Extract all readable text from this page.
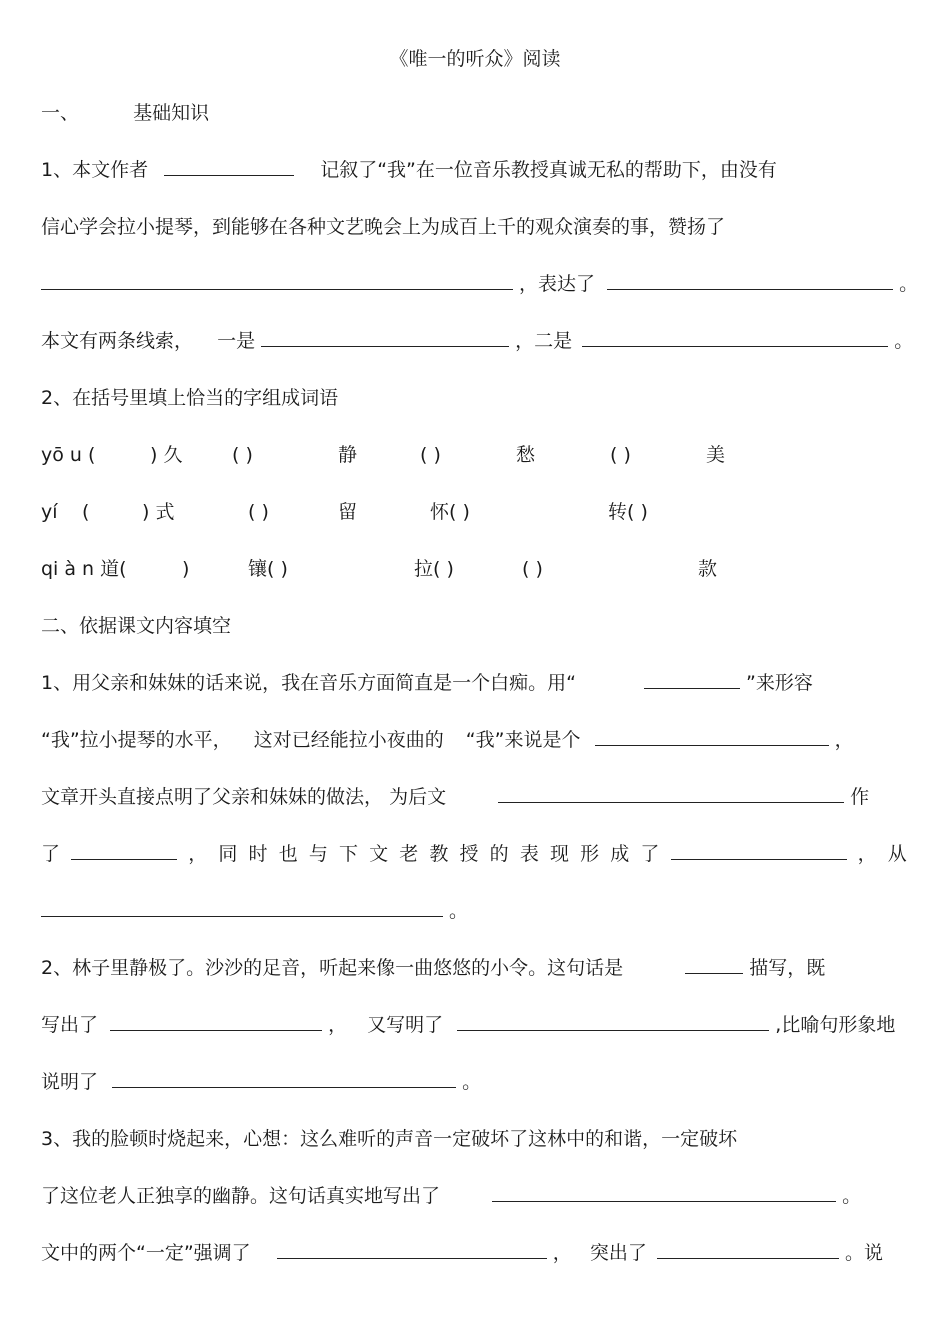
《唯一的听众》阅读
一、	基础知识
1、本文作者	记叙了“我”在一位音乐教授真诚无私的帮助下，由没有
信心学会拉小提琴，到能够在各种文艺晚会上为成百上千的观众演奏的事，赞扬了
，表达了	。
本文有两条线索， 一是	，二是	。
2、在括号里填上恰当的字组成词语
yō u (	) 久	( )	静	( )	愁	( )	美
yí (	) 式	( )	留	怀( )	转( )
qi à n 道(	)	镶( )	拉( )	( )	款
二、依据课文内容填空
1、用父亲和妹妹的话来说，我在音乐方面简直是一个白痴。用“	”来形容
“我”拉小提琴的水平， 这对已经能拉小夜曲的 “我”来说是个	，
文章开头直接点明了父亲和妹妹的做法， 为后文	作
了	， 同 时 也 与 下 文 老 教 授 的 表 现 形 成 了	， 从
。
2、林子里静极了。沙沙的足音，听起来像一曲悠悠的小令。这句话是	描写，既
写出了	， 又写明了	,比喻句形象地
说明了	。
3、我的脸顿时烧起来，心想：这么难听的声音一定破坏了这林中的和谐，一定破坏
了这位老人正独享的幽静。这句话真实地写出了	。
文中的两个“一定”强调了	， 突出了	。说
